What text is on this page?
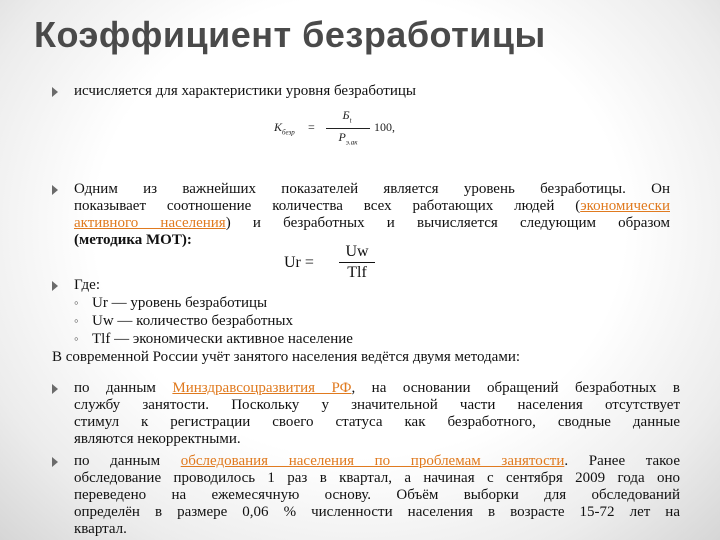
Коэффициент безработицы
исчисляется для характеристики уровня безработицы
$K_{безр}$ =
$Б_t$
$Р_{э.ак}$
100,
Одним из важнейших показателей является уровень безработицы. Он
показывает соотношение количества всех работающих людей (экономически
активного населения) и безработных и вычисляется следующим образом
(методика МОТ):
Ur =
Uw
Tlf
Где:
◦ Ur — уровень безработицы
◦ Uw — количество безработных
◦ Tlf — экономически активное население
В современной России учёт занятого населения ведётся двумя методами:
по данным Минздравсоцразвития РФ, на основании обращений безработных в
службу занятости. Поскольку у значительной части населения отсутствует
стимул к регистрации своего статуса как безработного, сводные данные
являются некорректными.
по данным обследования населения по проблемам занятости. Ранее такое
обследование проводилось 1 раз в квартал, а начиная с сентября 2009 года оно
переведено на ежемесячную основу. Объём выборки для обследований
определён в размере 0,06 % численности населения в возрасте 15-72 лет на
квартал.
